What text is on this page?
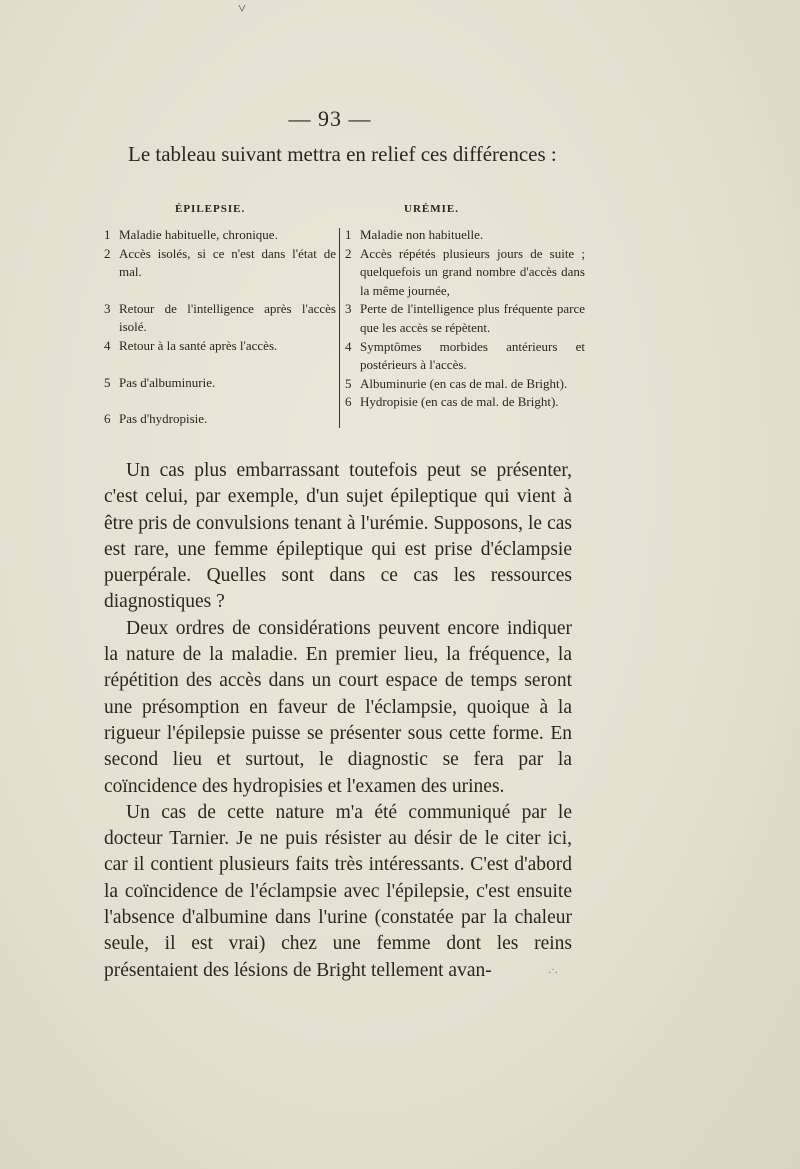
˅
— 93 —
Le tableau suivant mettra en relief ces différences :
ÉPILEPSIE.	URÉMIE.
1 Maladie habituelle, chronique.
2 Accès isolés, si ce n'est dans l'état de mal.
3 Retour de l'intelligence après l'accès isolé.
4 Retour à la santé après l'accès.
5 Pas d'albuminurie.
6 Pas d'hydropisie.
1 Maladie non habituelle.
2 Accès répétés plusieurs jours de suite ; quelquefois un grand nombre d'accès dans la même journée,
3 Perte de l'intelligence plus fréquente parce que les accès se répètent.
4 Symptômes morbides antérieurs et postérieurs à l'accès.
5 Albuminurie (en cas de mal. de Bright).
6 Hydropisie (en cas de mal. de Bright).

Un cas plus embarrassant toutefois peut se présenter, c'est celui, par exemple, d'un sujet épileptique qui vient à être pris de convulsions tenant à l'urémie. Supposons, le cas est rare, une femme épileptique qui est prise d'éclampsie puerpérale. Quelles sont dans ce cas les ressources diagnostiques ?

Deux ordres de considérations peuvent encore indiquer la nature de la maladie. En premier lieu, la fréquence, la répétition des accès dans un court espace de temps seront une présomption en faveur de l'éclampsie, quoique à la rigueur l'épilepsie puisse se présenter sous cette forme. En second lieu et surtout, le diagnostic se fera par la coïncidence des hydropisies et l'examen des urines.

Un cas de cette nature m'a été communiqué par le docteur Tarnier. Je ne puis résister au désir de le citer ici, car il contient plusieurs faits très intéressants. C'est d'abord la coïncidence de l'éclampsie avec l'épilepsie, c'est ensuite l'absence d'albumine dans l'urine (constatée par la chaleur seule, il est vrai) chez une femme dont les reins présentaient des lésions de Bright tellement avan-	·˙·
